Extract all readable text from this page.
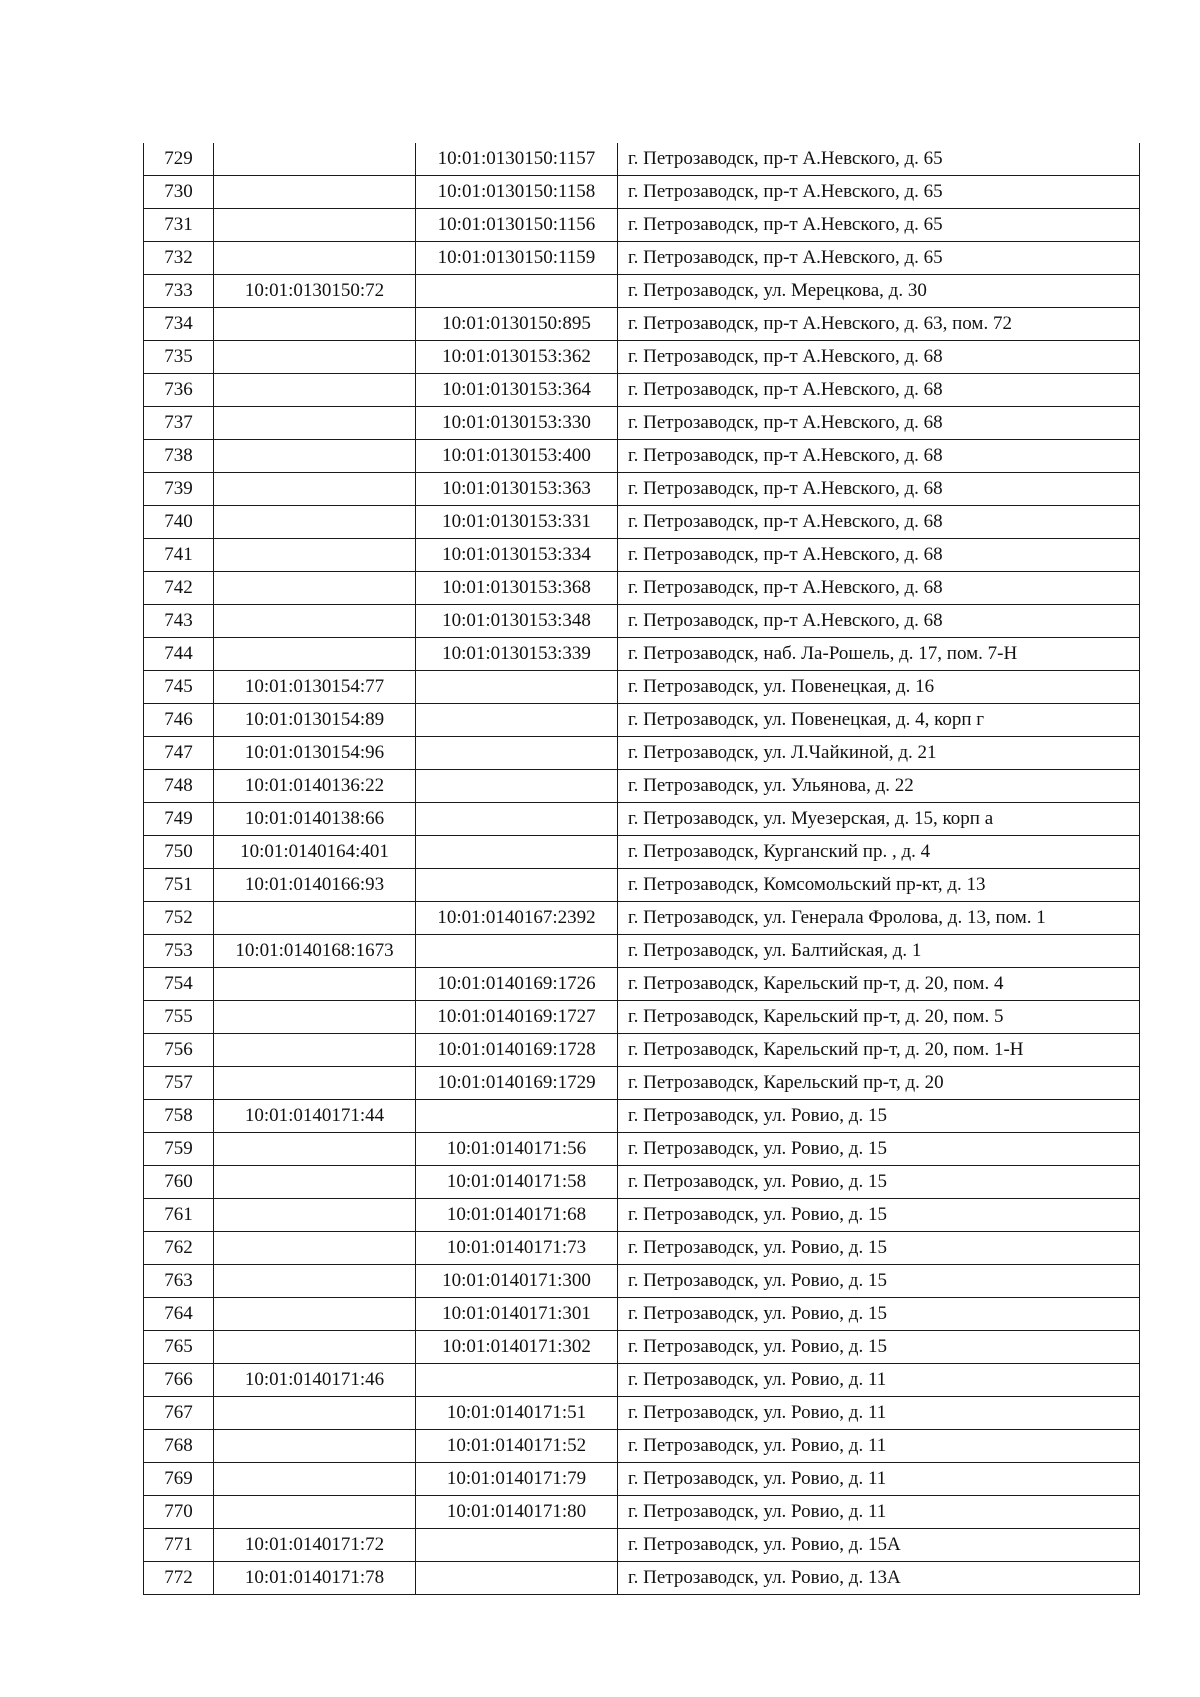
729		10:01:0130150:1157	г. Петрозаводск, пр-т А.Невского, д. 65
730		10:01:0130150:1158	г. Петрозаводск, пр-т А.Невского, д. 65
731		10:01:0130150:1156	г. Петрозаводск, пр-т А.Невского, д. 65
732		10:01:0130150:1159	г. Петрозаводск, пр-т А.Невского, д. 65
733	10:01:0130150:72		г. Петрозаводск, ул. Мерецкова, д. 30
734		10:01:0130150:895	г. Петрозаводск, пр-т А.Невского, д. 63, пом. 72
735		10:01:0130153:362	г. Петрозаводск, пр-т А.Невского, д. 68
736		10:01:0130153:364	г. Петрозаводск, пр-т А.Невского, д. 68
737		10:01:0130153:330	г. Петрозаводск, пр-т А.Невского, д. 68
738		10:01:0130153:400	г. Петрозаводск, пр-т А.Невского, д. 68
739		10:01:0130153:363	г. Петрозаводск, пр-т А.Невского, д. 68
740		10:01:0130153:331	г. Петрозаводск, пр-т А.Невского, д. 68
741		10:01:0130153:334	г. Петрозаводск, пр-т А.Невского, д. 68
742		10:01:0130153:368	г. Петрозаводск, пр-т А.Невского, д. 68
743		10:01:0130153:348	г. Петрозаводск, пр-т А.Невского, д. 68
744		10:01:0130153:339	г. Петрозаводск, наб. Ла-Рошель, д. 17, пом. 7-Н
745	10:01:0130154:77		г. Петрозаводск, ул. Повенецкая, д. 16
746	10:01:0130154:89		г. Петрозаводск, ул. Повенецкая, д. 4, корп г
747	10:01:0130154:96		г. Петрозаводск, ул. Л.Чайкиной, д. 21
748	10:01:0140136:22		г. Петрозаводск, ул. Ульянова, д. 22
749	10:01:0140138:66		г. Петрозаводск, ул. Муезерская, д. 15, корп а
750	10:01:0140164:401		г. Петрозаводск, Курганский пр. , д. 4
751	10:01:0140166:93		г. Петрозаводск, Комсомольский пр-кт, д. 13
752		10:01:0140167:2392	г. Петрозаводск, ул. Генерала Фролова, д. 13, пом. 1
753	10:01:0140168:1673		г. Петрозаводск, ул. Балтийская, д. 1
754		10:01:0140169:1726	г. Петрозаводск, Карельский пр-т, д. 20, пом. 4
755		10:01:0140169:1727	г. Петрозаводск, Карельский пр-т, д. 20, пом. 5
756		10:01:0140169:1728	г. Петрозаводск, Карельский пр-т, д. 20, пом. 1-Н
757		10:01:0140169:1729	г. Петрозаводск, Карельский пр-т, д. 20
758	10:01:0140171:44		г. Петрозаводск, ул. Ровио, д. 15
759		10:01:0140171:56	г. Петрозаводск, ул. Ровио, д. 15
760		10:01:0140171:58	г. Петрозаводск, ул. Ровио, д. 15
761		10:01:0140171:68	г. Петрозаводск, ул. Ровио, д. 15
762		10:01:0140171:73	г. Петрозаводск, ул. Ровио, д. 15
763		10:01:0140171:300	г. Петрозаводск, ул. Ровио, д. 15
764		10:01:0140171:301	г. Петрозаводск, ул. Ровио, д. 15
765		10:01:0140171:302	г. Петрозаводск, ул. Ровио, д. 15
766	10:01:0140171:46		г. Петрозаводск, ул. Ровио, д. 11
767		10:01:0140171:51	г. Петрозаводск, ул. Ровио, д. 11
768		10:01:0140171:52	г. Петрозаводск, ул. Ровио, д. 11
769		10:01:0140171:79	г. Петрозаводск, ул. Ровио, д. 11
770		10:01:0140171:80	г. Петрозаводск, ул. Ровио, д. 11
771	10:01:0140171:72		г. Петрозаводск, ул. Ровио, д. 15А
772	10:01:0140171:78		г. Петрозаводск, ул. Ровио, д. 13А
